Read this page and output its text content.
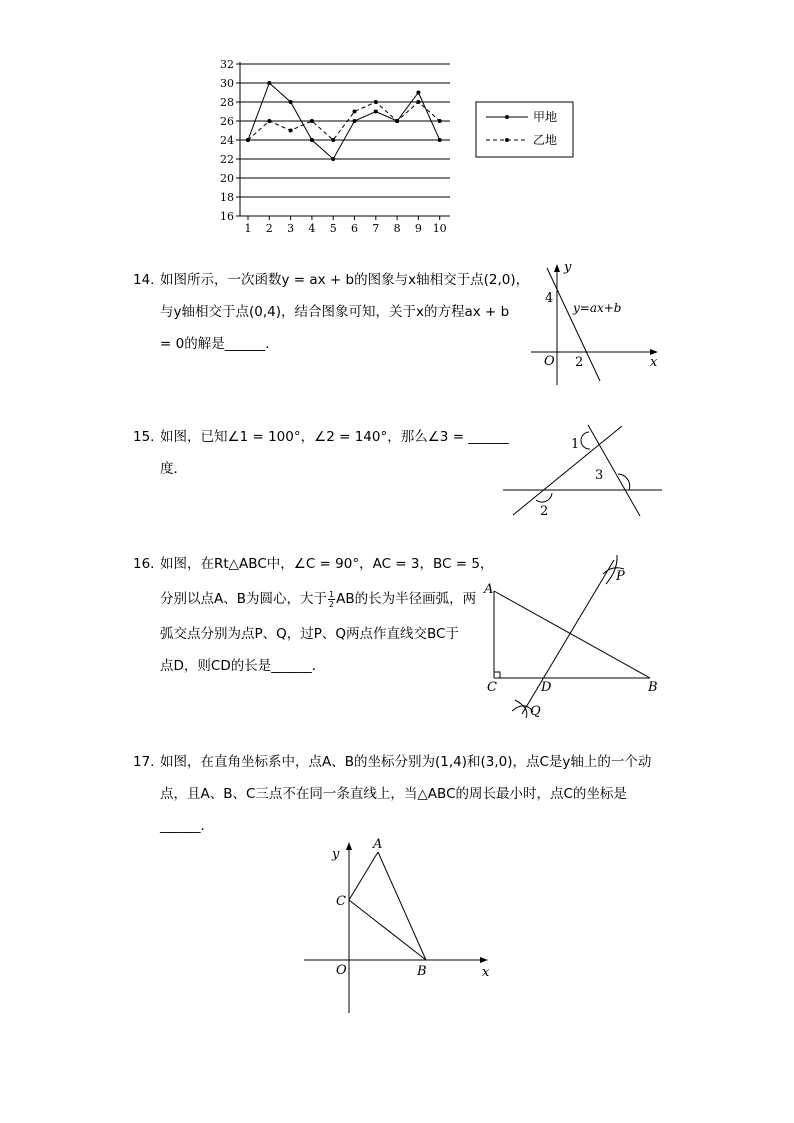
16
18
20
22
24
26
28
30
32
1 2 3 4 5 6 7 8 9 10
甲地
乙地
14. 如图所示，一次函数y = ax + b的图象与x轴相交于点(2,0)，
与y轴相交于点(0,4)，结合图象可知，关于x的方程ax + b
= 0的解是______．
y
x
O
4
2
y=ax+b
15. 如图，已知∠1 = 100°，∠2 = 140°，那么∠3 = ______
度．
1
2
3
16. 如图，在Rt△ABC中，∠C = 90°，AC = 3，BC = 5，
分别以点A、B为圆心，大于 $\frac{1}{2}$ AB的长为半径画弧，两
弧交点分别为点P、Q，过P、Q两点作直线交BC于
点D，则CD的长是______．
A
C	D	B
P
Q
17. 如图，在直角坐标系中，点A、B的坐标分别为(1,4)和(3,0)，点C是y轴上的一个动
点，且A、B、C三点不在同一条直线上，当△ABC的周长最小时，点C的坐标是
______．
y
x
O
A
B
C
